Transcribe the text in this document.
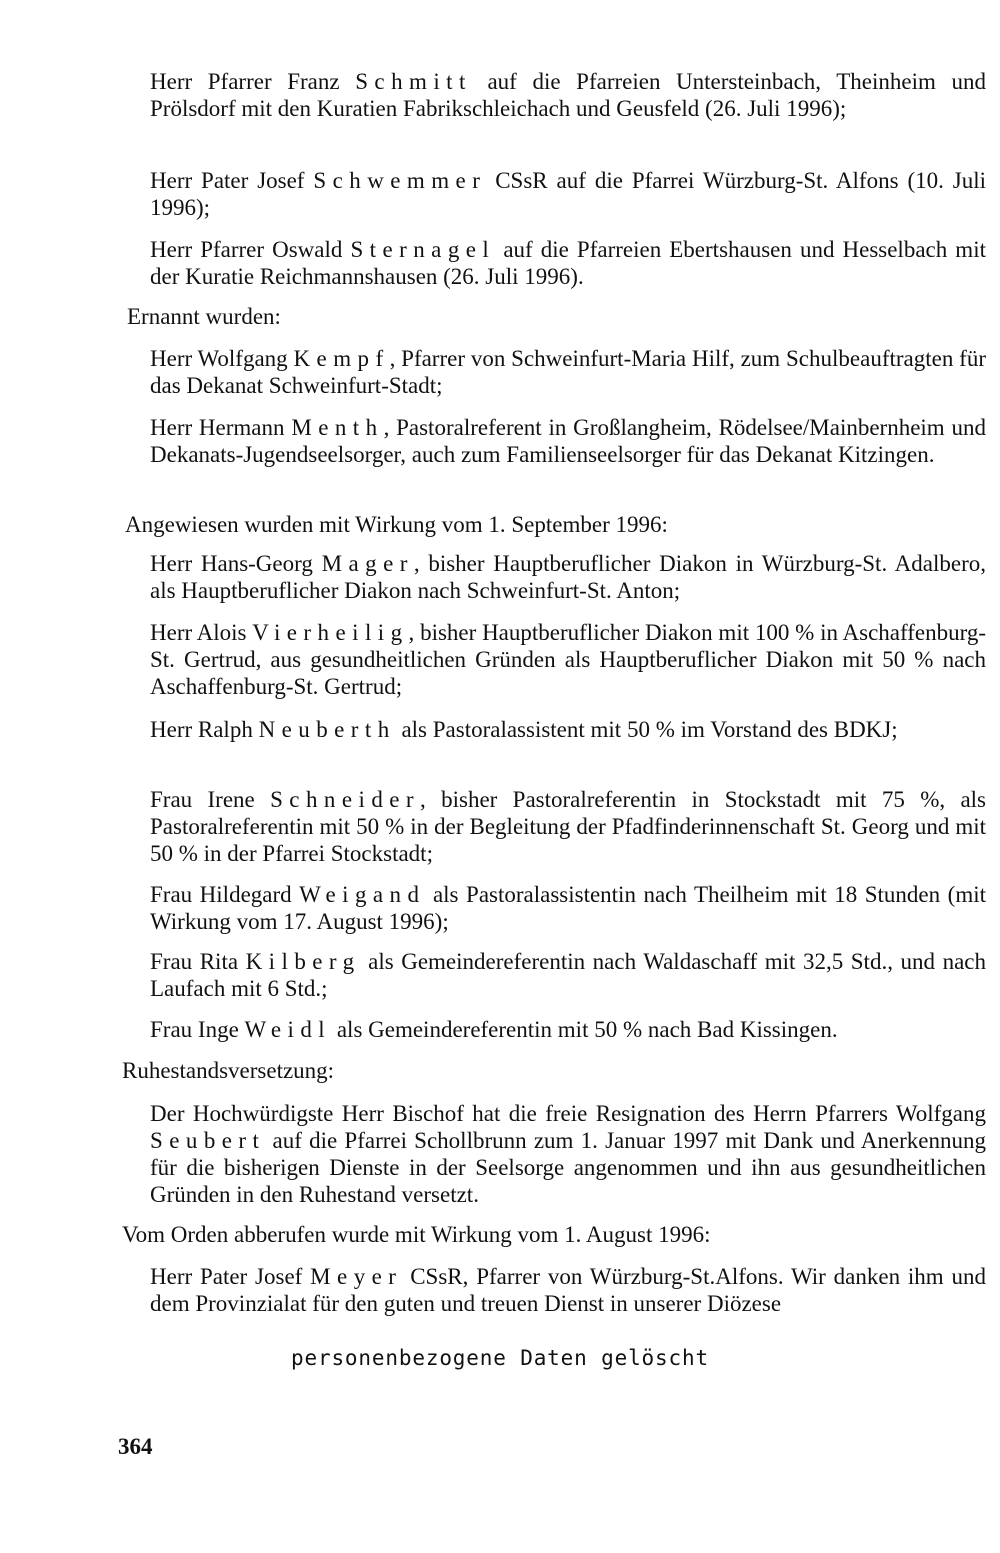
Herr Pfarrer Franz Schmitt auf die Pfarreien Untersteinbach, Theinheim und Prölsdorf mit den Kuratien Fabrikschleichach und Geusfeld (26. Juli 1996);

Herr Pater Josef Schwemmer CSsR auf die Pfarrei Würzburg-St. Alfons (10. Juli 1996);

Herr Pfarrer Oswald Sternagel auf die Pfarreien Ebertshausen und Hesselbach mit der Kuratie Reichmannshausen (26. Juli 1996).

Ernannt wurden:

Herr Wolfgang Kempf, Pfarrer von Schweinfurt-Maria Hilf, zum Schulbeauftragten für das Dekanat Schweinfurt-Stadt;

Herr Hermann Menth, Pastoralreferent in Großlangheim, Rödelsee/Mainbernheim und Dekanats-Jugendseelsorger, auch zum Familienseelsorger für das Dekanat Kitzingen.

Angewiesen wurden mit Wirkung vom 1. September 1996:

Herr Hans-Georg Mager, bisher Hauptberuflicher Diakon in Würzburg-St. Adalbero, als Hauptberuflicher Diakon nach Schweinfurt-St. Anton;

Herr Alois Vierheilig, bisher Hauptberuflicher Diakon mit 100 % in Aschaffenburg-St. Gertrud, aus gesundheitlichen Gründen als Hauptberuflicher Diakon mit 50 % nach Aschaffenburg-St. Gertrud;

Herr Ralph Neuberth als Pastoralassistent mit 50 % im Vorstand des BDKJ;

Frau Irene Schneider, bisher Pastoralreferentin in Stockstadt mit 75 %, als Pastoralreferentin mit 50 % in der Begleitung der Pfadfinderinnenschaft St. Georg und mit 50 % in der Pfarrei Stockstadt;

Frau Hildegard Weigand als Pastoralassistentin nach Theilheim mit 18 Stunden (mit Wirkung vom 17. August 1996);

Frau Rita Kilberg als Gemeindereferentin nach Waldaschaff mit 32,5 Std., und nach Laufach mit 6 Std.;

Frau Inge Weidl als Gemeindereferentin mit 50 % nach Bad Kissingen.

Ruhestandsversetzung:

Der Hochwürdigste Herr Bischof hat die freie Resignation des Herrn Pfarrers Wolfgang Seubert auf die Pfarrei Schollbrunn zum 1. Januar 1997 mit Dank und Anerkennung für die bisherigen Dienste in der Seelsorge angenommen und ihn aus gesundheitlichen Gründen in den Ruhestand versetzt.

Vom Orden abberufen wurde mit Wirkung vom 1. August 1996:

Herr Pater Josef Meyer CSsR, Pfarrer von Würzburg-St.Alfons. Wir danken ihm und dem Provinzialat für den guten und treuen Dienst in unserer Diözese

personenbezogene Daten gelöscht
364
